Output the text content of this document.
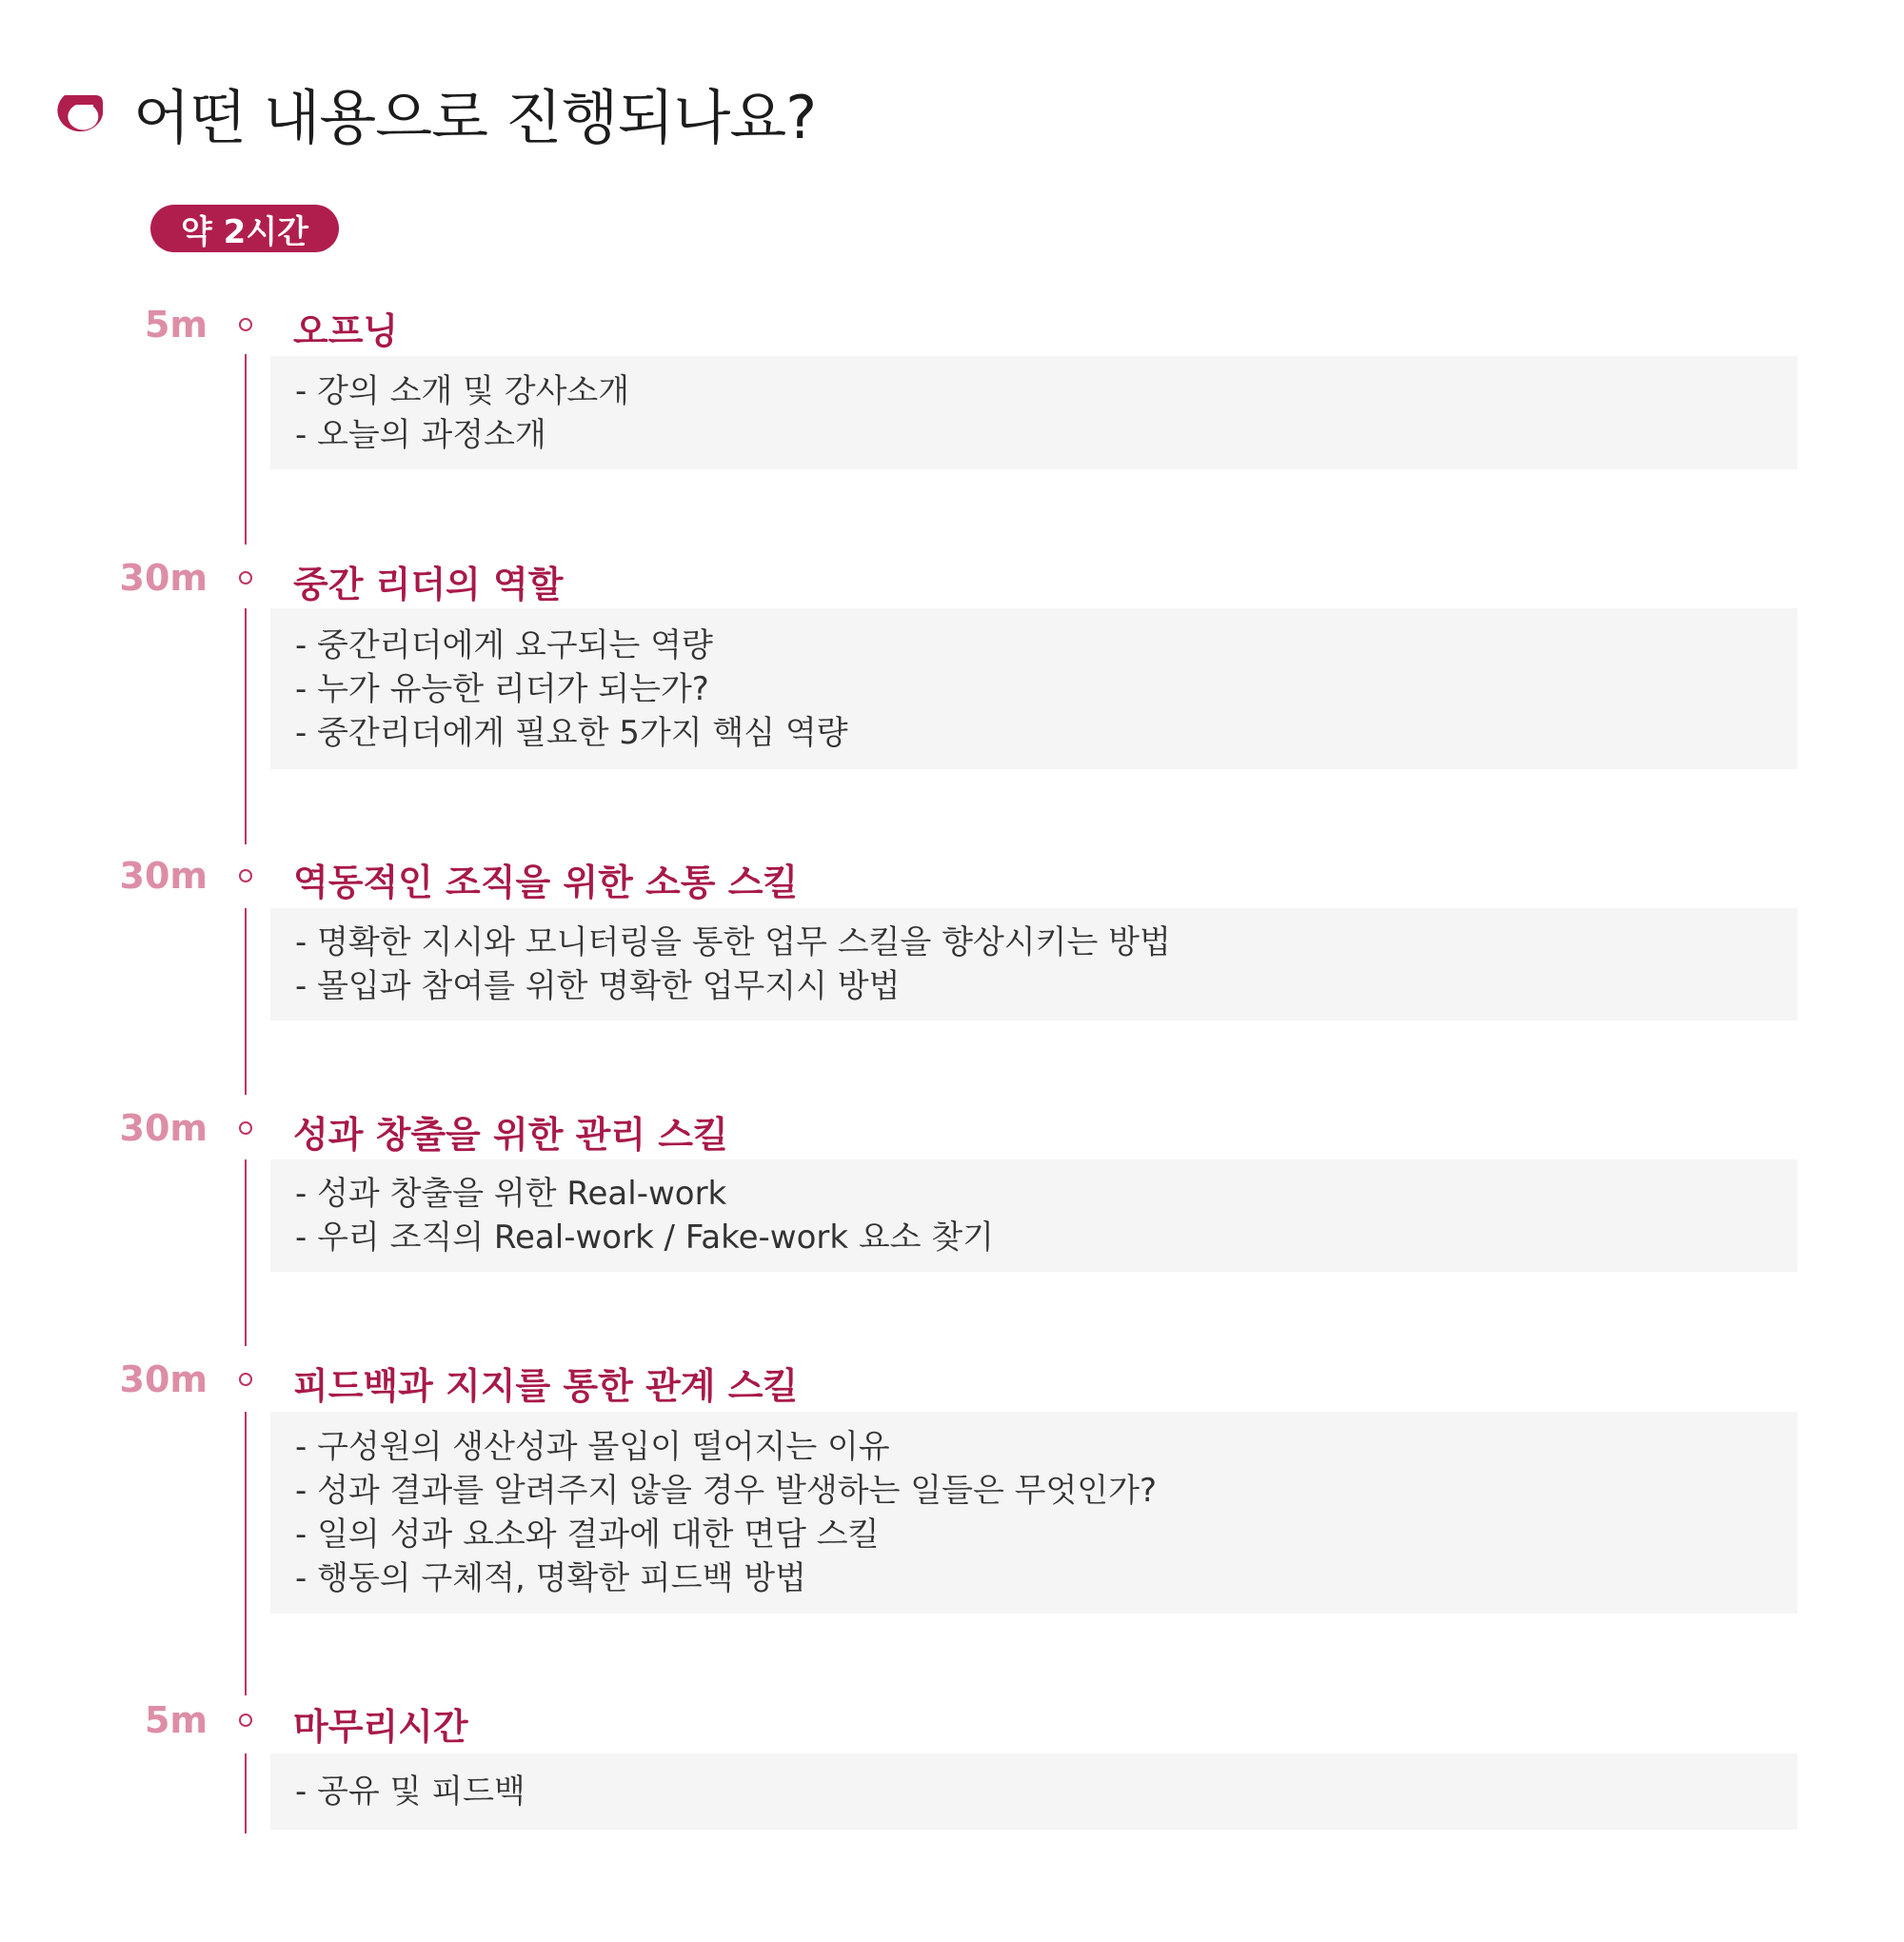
어떤 내용으로 진행되나요?
약 2시간
5m 오프닝
- 강의 소개 및 강사소개
- 오늘의 과정소개
30m 중간 리더의 역할
- 중간리더에게 요구되는 역량
- 누가 유능한 리더가 되는가?
- 중간리더에게 필요한 5가지 핵심 역량
30m 역동적인 조직을 위한 소통 스킬
- 명확한 지시와 모니터링을 통한 업무 스킬을 향상시키는 방법
- 몰입과 참여를 위한 명확한 업무지시 방법
30m 성과 창출을 위한 관리 스킬
- 성과 창출을 위한 Real-work
- 우리 조직의 Real-work / Fake-work 요소 찾기
30m 피드백과 지지를 통한 관계 스킬
- 구성원의 생산성과 몰입이 떨어지는 이유
- 성과 결과를 알려주지 않을 경우 발생하는 일들은 무엇인가?
- 일의 성과 요소와 결과에 대한 면담 스킬
- 행동의 구체적, 명확한 피드백 방법
5m 마무리시간
- 공유 및 피드백
